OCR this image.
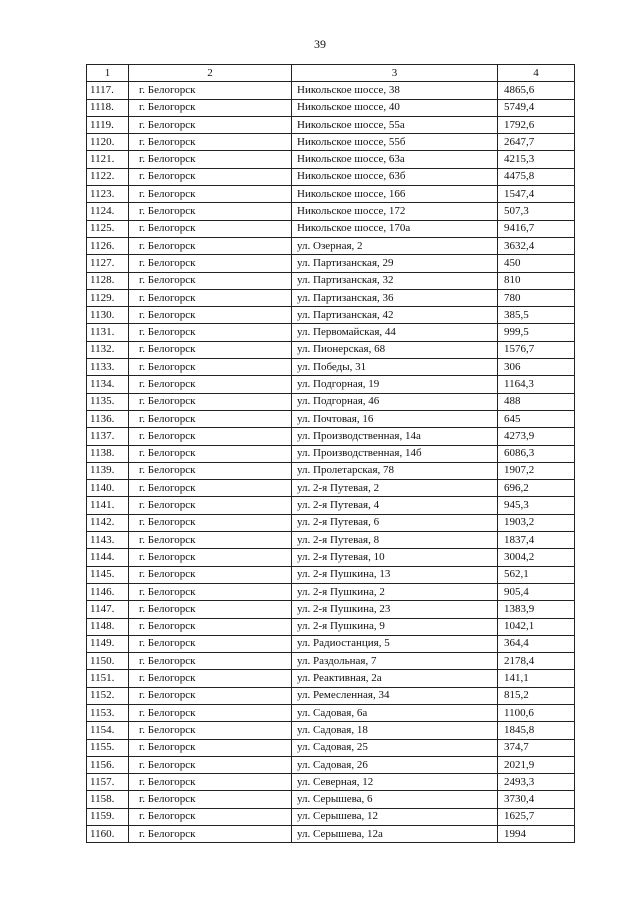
39
1	2	3	4
1117.	г. Белогорск	Никольское шоссе, 38	4865,6
1118.	г. Белогорск	Никольское шоссе, 40	5749,4
1119.	г. Белогорск	Никольское шоссе, 55а	1792,6
1120.	г. Белогорск	Никольское шоссе, 55б	2647,7
1121.	г. Белогорск	Никольское шоссе, 63а	4215,3
1122.	г. Белогорск	Никольское шоссе, 63б	4475,8
1123.	г. Белогорск	Никольское шоссе, 166	1547,4
1124.	г. Белогорск	Никольское шоссе, 172	507,3
1125.	г. Белогорск	Никольское шоссе, 170а	9416,7
1126.	г. Белогорск	ул. Озерная, 2	3632,4
1127.	г. Белогорск	ул. Партизанская, 29	450
1128.	г. Белогорск	ул. Партизанская, 32	810
1129.	г. Белогорск	ул. Партизанская, 36	780
1130.	г. Белогорск	ул. Партизанская, 42	385,5
1131.	г. Белогорск	ул. Первомайская, 44	999,5
1132.	г. Белогорск	ул. Пионерская, 68	1576,7
1133.	г. Белогорск	ул. Победы, 31	306
1134.	г. Белогорск	ул. Подгорная, 19	1164,3
1135.	г. Белогорск	ул. Подгорная, 46	488
1136.	г. Белогорск	ул. Почтовая, 16	645
1137.	г. Белогорск	ул. Производственная, 14а	4273,9
1138.	г. Белогорск	ул. Производственная, 14б	6086,3
1139.	г. Белогорск	ул. Пролетарская, 78	1907,2
1140.	г. Белогорск	ул. 2-я Путевая, 2	696,2
1141.	г. Белогорск	ул. 2-я Путевая, 4	945,3
1142.	г. Белогорск	ул. 2-я Путевая, 6	1903,2
1143.	г. Белогорск	ул. 2-я Путевая, 8	1837,4
1144.	г. Белогорск	ул. 2-я Путевая, 10	3004,2
1145.	г. Белогорск	ул. 2-я Пушкина, 13	562,1
1146.	г. Белогорск	ул. 2-я Пушкина, 2	905,4
1147.	г. Белогорск	ул. 2-я Пушкина, 23	1383,9
1148.	г. Белогорск	ул. 2-я Пушкина, 9	1042,1
1149.	г. Белогорск	ул. Радиостанция, 5	364,4
1150.	г. Белогорск	ул. Раздольная, 7	2178,4
1151.	г. Белогорск	ул. Реактивная, 2а	141,1
1152.	г. Белогорск	ул. Ремесленная, 34	815,2
1153.	г. Белогорск	ул. Садовая, 6а	1100,6
1154.	г. Белогорск	ул. Садовая, 18	1845,8
1155.	г. Белогорск	ул. Садовая, 25	374,7
1156.	г. Белогорск	ул. Садовая, 26	2021,9
1157.	г. Белогорск	ул. Северная, 12	2493,3
1158.	г. Белогорск	ул. Серышева, 6	3730,4
1159.	г. Белогорск	ул. Серышева, 12	1625,7
1160.	г. Белогорск	ул. Серышева, 12а	1994
